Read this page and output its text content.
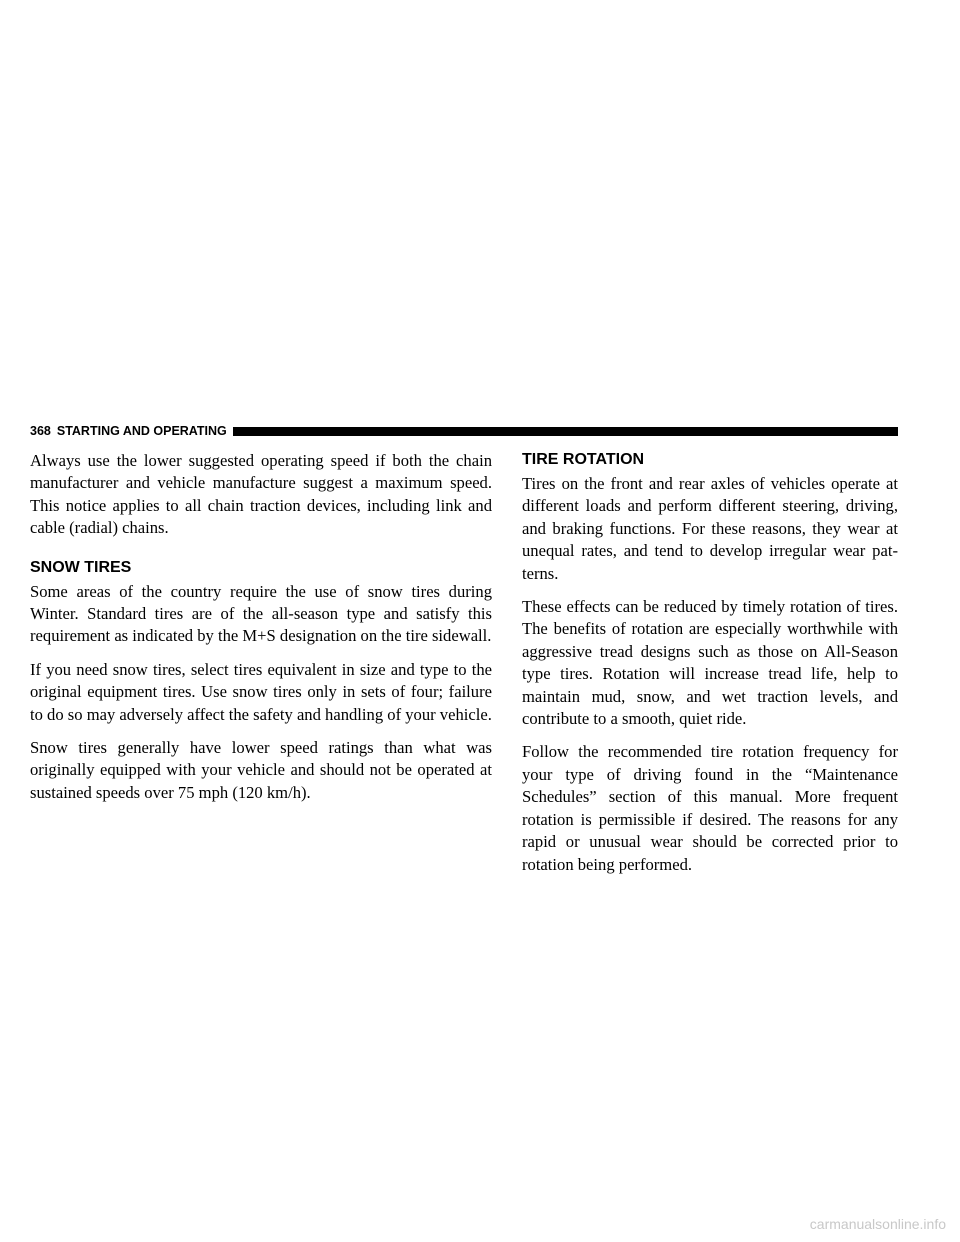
368 STARTING AND OPERATING

Always use the lower suggested operating speed if both the chain manufacturer and vehicle manufacture suggest a maximum speed. This notice applies to all chain traction devices, including link and cable (radial) chains.

SNOW TIRES

Some areas of the country require the use of snow tires during Winter. Standard tires are of the all-season type and satisfy this requirement as indicated by the M+S designation on the tire sidewall.

If you need snow tires, select tires equivalent in size and type to the original equipment tires. Use snow tires only in sets of four; failure to do so may adversely affect the safety and handling of your vehicle.

Snow tires generally have lower speed ratings than what was originally equipped with your vehicle and should not be operated at sustained speeds over 75 mph (120 km/h).

TIRE ROTATION

Tires on the front and rear axles of vehicles operate at different loads and perform different steering, driving, and braking functions. For these reasons, they wear at unequal rates, and tend to develop irregular wear patterns.

These effects can be reduced by timely rotation of tires. The benefits of rotation are especially worthwhile with aggressive tread designs such as those on All-Season type tires. Rotation will increase tread life, help to maintain mud, snow, and wet traction levels, and contribute to a smooth, quiet ride.

Follow the recommended tire rotation frequency for your type of driving found in the “Maintenance Schedules” section of this manual. More frequent rotation is permissible if desired. The reasons for any rapid or unusual wear should be corrected prior to rotation being performed.

carmanualsonline.info
